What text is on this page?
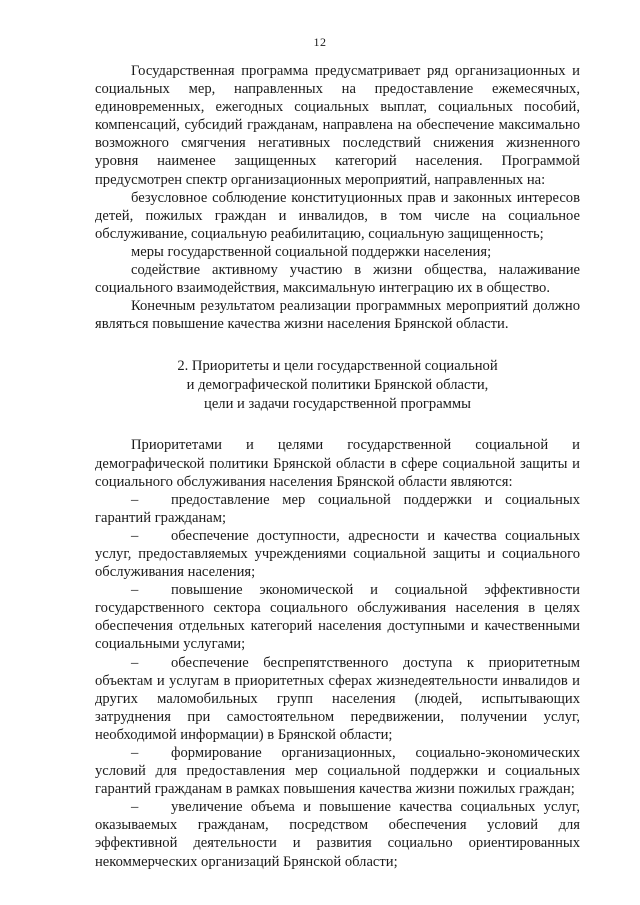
12

Государственная программа предусматривает ряд организационных и социальных мер, направленных на предоставление ежемесячных, единовременных, ежегодных социальных выплат, социальных пособий, компенсаций, субсидий гражданам, направлена на обеспечение максимально возможного смягчения негативных последствий снижения жизненного уровня наименее защищенных категорий населения. Программой предусмотрен спектр организационных мероприятий, направленных на:

безусловное соблюдение конституционных прав и законных интересов детей, пожилых граждан и инвалидов, в том числе на социальное обслуживание, социальную реабилитацию, социальную защищенность;

меры государственной социальной поддержки населения;

содействие активному участию в жизни общества, налаживание социального взаимодействия, максимальную интеграцию их в общество.

Конечным результатом реализации программных мероприятий должно являться повышение качества жизни населения Брянской области.

2. Приоритеты и цели государственной социальной
и демографической политики Брянской области,
цели и задачи государственной программы

Приоритетами и целями государственной социальной и демографической политики Брянской области в сфере социальной защиты и социального обслуживания населения Брянской области являются:

– предоставление мер социальной поддержки и социальных гарантий гражданам;

– обеспечение доступности, адресности и качества социальных услуг, предоставляемых учреждениями социальной защиты и социального обслуживания населения;

– повышение экономической и социальной эффективности государственного сектора социального обслуживания населения в целях обеспечения отдельных категорий населения доступными и качественными социальными услугами;

– обеспечение беспрепятственного доступа к приоритетным объектам и услугам в приоритетных сферах жизнедеятельности инвалидов и других маломобильных групп населения (людей, испытывающих затруднения при самостоятельном передвижении, получении услуг, необходимой информации) в Брянской области;

– формирование организационных, социально-экономических условий для предоставления мер социальной поддержки и социальных гарантий гражданам в рамках повышения качества жизни пожилых граждан;

– увеличение объема и повышение качества социальных услуг, оказываемых гражданам, посредством обеспечения условий для эффективной деятельности и развития социально ориентированных некоммерческих организаций Брянской области;
